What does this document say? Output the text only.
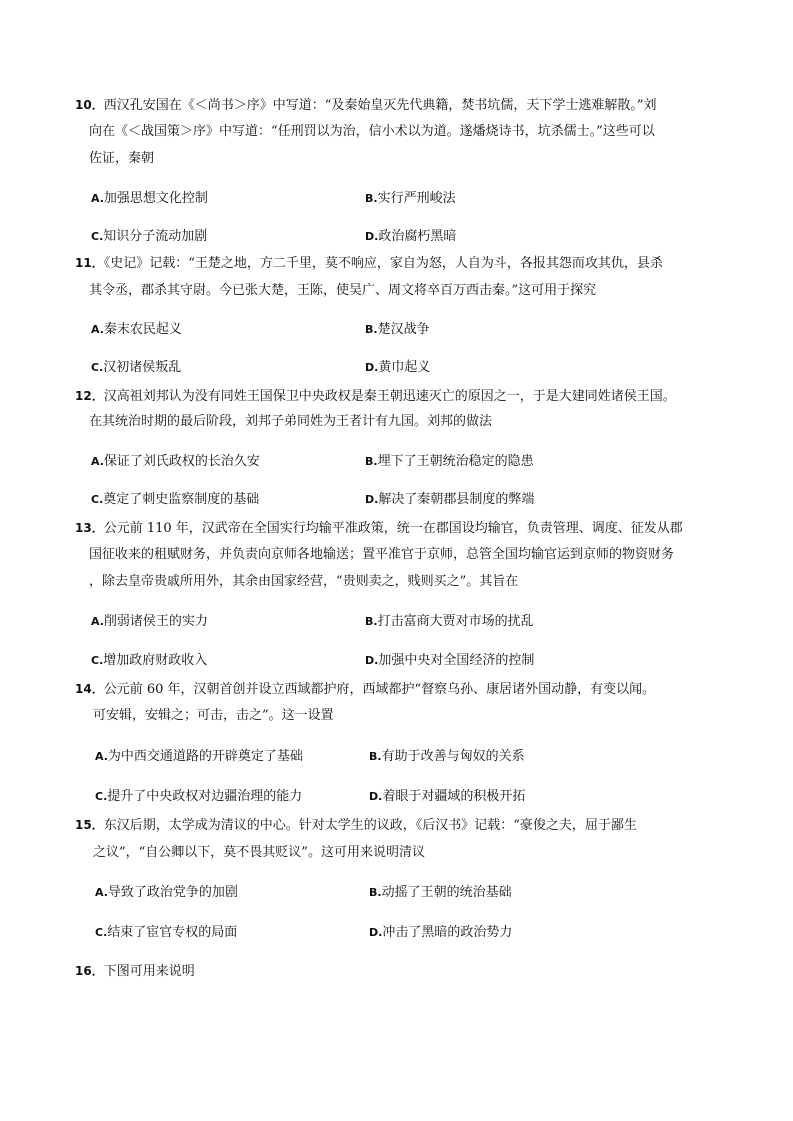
10．西汉孔安国在《＜尚书＞序》中写道：“及秦始皇灭先代典籍，焚书坑儒，天下学士逃难解散。”刘
向在《＜战国策＞序》中写道：“任刑罚以为治，信小术以为道。遂燔烧诗书，坑杀儒士。”这些可以
佐证，秦朝
A.加强思想文化控制	B.实行严刑峻法
C.知识分子流动加剧	D.政治腐朽黑暗
11．《史记》记载：“王楚之地，方二千里，莫不响应，家自为怒，人自为斗，各报其怨而攻其仇，县杀
其令丞，郡杀其守尉。今已张大楚，王陈，使吴广、周文将卒百万西击秦。”这可用于探究
A.秦末农民起义	B.楚汉战争
C.汉初诸侯叛乱	D.黄巾起义
12．汉高祖刘邦认为没有同姓王国保卫中央政权是秦王朝迅速灭亡的原因之一，于是大建同姓诸侯王国。
在其统治时期的最后阶段，刘邦子弟同姓为王者计有九国。刘邦的做法
A.保证了刘氏政权的长治久安	B.埋下了王朝统治稳定的隐患
C.奠定了刺史监察制度的基础	D.解决了秦朝郡县制度的弊端
13．公元前 110 年，汉武帝在全国实行均输平准政策，统一在郡国设均输官，负责管理、调度、征发从郡
国征收来的租赋财务，并负责向京师各地输送；置平准官于京师，总管全国均输官运到京师的物资财务
，除去皇帝贵戚所用外，其余由国家经营，“贵则卖之，贱则买之”。其旨在
A.削弱诸侯王的实力	B.打击富商大贾对市场的扰乱
C.增加政府财政收入	D.加强中央对全国经济的控制
14．公元前 60 年，汉朝首创并设立西域都护府，西域都护“督察乌孙、康居诸外国动静，有变以闻。
可安辑，安辑之；可击，击之”。这一设置
A.为中西交通道路的开辟奠定了基础	B.有助于改善与匈奴的关系
C.提升了中央政权对边疆治理的能力	D.着眼于对疆域的积极开拓
15．东汉后期，太学成为清议的中心。针对太学生的议政，《后汉书》记载：“豪俊之夫，屈于鄙生
之议”，“自公卿以下，莫不畏其贬议”。这可用来说明清议
A.导致了政治党争的加剧	B.动摇了王朝的统治基础
C.结束了宦官专权的局面	D.冲击了黑暗的政治势力
16．下图可用来说明
